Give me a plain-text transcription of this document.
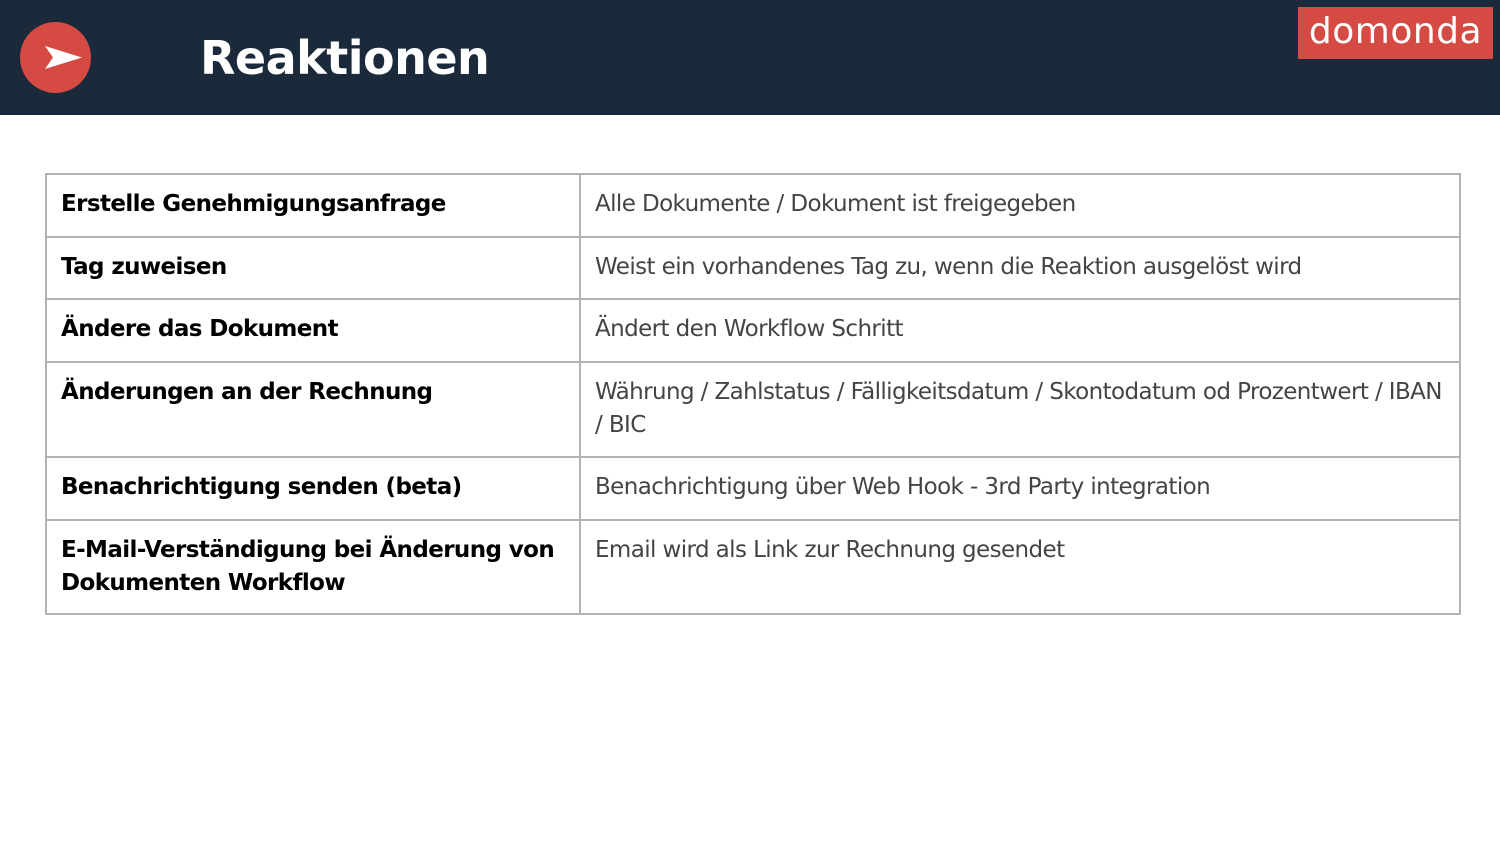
Reaktionen	domonda
Erstelle Genehmigungsanfrage	Alle Dokumente / Dokument ist freigegeben
Tag zuweisen	Weist ein vorhandenes Tag zu, wenn die Reaktion ausgelöst wird
Ändere das Dokument	Ändert den Workflow Schritt
Änderungen an der Rechnung	Währung / Zahlstatus / Fälligkeitsdatum / Skontodatum od Prozentwert / IBAN / BIC
Benachrichtigung senden (beta)	Benachrichtigung über Web Hook - 3rd Party integration
E-Mail-Verständigung bei Änderung von Dokumenten Workflow	Email wird als Link zur Rechnung gesendet
